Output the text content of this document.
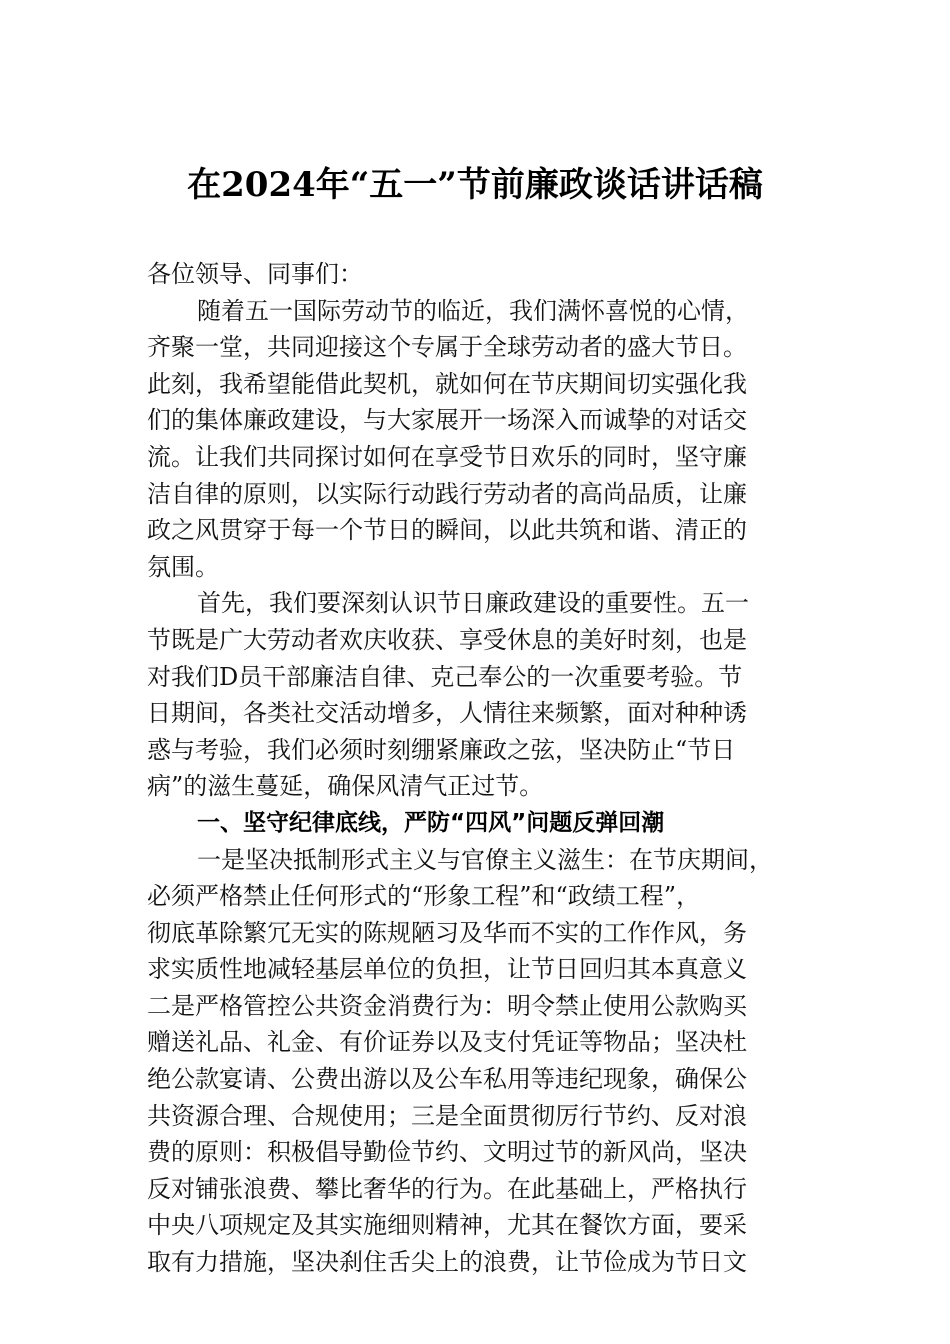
在2024年“五一”节前廉政谈话讲话稿
各位领导、同事们：
随着五一国际劳动节的临近，我们满怀喜悦的心情，
齐聚一堂，共同迎接这个专属于全球劳动者的盛大节日。
此刻，我希望能借此契机，就如何在节庆期间切实强化我
们的集体廉政建设，与大家展开一场深入而诚挚的对话交
流。让我们共同探讨如何在享受节日欢乐的同时，坚守廉
洁自律的原则，以实际行动践行劳动者的高尚品质，让廉
政之风贯穿于每一个节日的瞬间，以此共筑和谐、清正的
氛围。
首先，我们要深刻认识节日廉政建设的重要性。五一
节既是广大劳动者欢庆收获、享受休息的美好时刻，也是
对我们D员干部廉洁自律、克己奉公的一次重要考验。节
日期间，各类社交活动增多，人情往来频繁，面对种种诱
惑与考验，我们必须时刻绷紧廉政之弦，坚决防止“节日
病”的滋生蔓延，确保风清气正过节。
一、坚守纪律底线，严防“四风”问题反弹回潮
一是坚决抵制形式主义与官僚主义滋生：在节庆期间，
必须严格禁止任何形式的“形象工程”和“政绩工程”，
彻底革除繁冗无实的陈规陋习及华而不实的工作作风，务
求实质性地减轻基层单位的负担，让节日回归其本真意义
二是严格管控公共资金消费行为：明令禁止使用公款购买
赠送礼品、礼金、有价证券以及支付凭证等物品；坚决杜
绝公款宴请、公费出游以及公车私用等违纪现象，确保公
共资源合理、合规使用；三是全面贯彻厉行节约、反对浪
费的原则：积极倡导勤俭节约、文明过节的新风尚，坚决
反对铺张浪费、攀比奢华的行为。在此基础上，严格执行
中央八项规定及其实施细则精神，尤其在餐饮方面，要采
取有力措施，坚决刹住舌尖上的浪费，让节俭成为节日文
